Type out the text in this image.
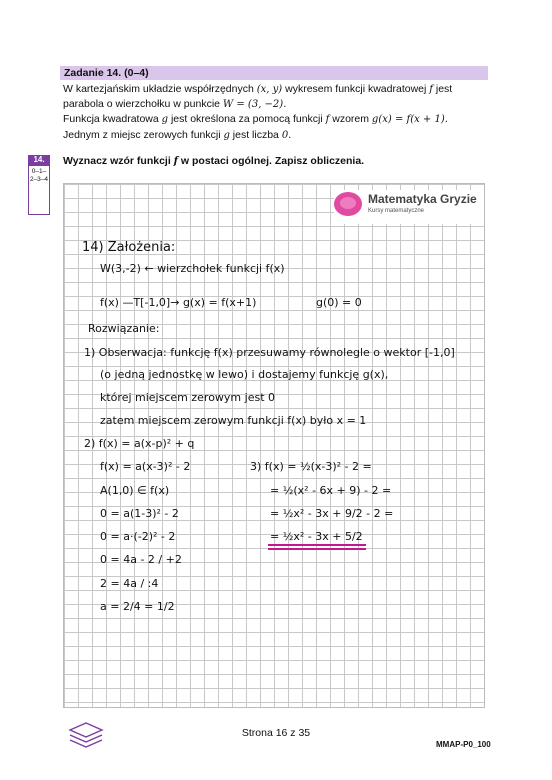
Zadanie 14. (0–4)

W kartezjańskim układzie współrzędnych (x, y) wykresem funkcji kwadratowej f jest

parabola o wierzchołku w punkcie W = (3, −2).

Funkcja kwadratowa g jest określona za pomocą funkcji f wzorem g(x) = f(x + 1).

Jednym z miejsc zerowych funkcji g jest liczba 0.

14.
0–1–
2–3–4
Wyznacz wzór funkcji f w postaci ogólnej. Zapisz obliczenia.
Matematyka Gryzie
Kursy matematyczne
14) Założenia:
W(3,-2) ← wierzchołek funkcji f(x)
f(x) —T[-1,0]→ g(x) = f(x+1)	g(0) = 0
Rozwiązanie:
1) Obserwacja: funkcję f(x) przesuwamy równolegle o wektor [-1,0]
(o jedną jednostkę w lewo) i dostajemy funkcję g(x),
której miejscem zerowym jest 0
zatem miejscem zerowym funkcji f(x) było x = 1
2) f(x) = a(x-p)² + q
f(x) = a(x-3)² - 2
A(1,0) ∈ f(x)
0 = a(1-3)² - 2
0 = a·(-2)² - 2
0 = 4a - 2 / +2
2 = 4a / :4
a = 2/4 = 1/2
3) f(x) = ½(x-3)² - 2 =
= ½(x² - 6x + 9) - 2 =
= ½x² - 3x + 9/2 - 2 =
= ½x² - 3x + 5/2
Strona 16 z 35
MMAP-P0_100
